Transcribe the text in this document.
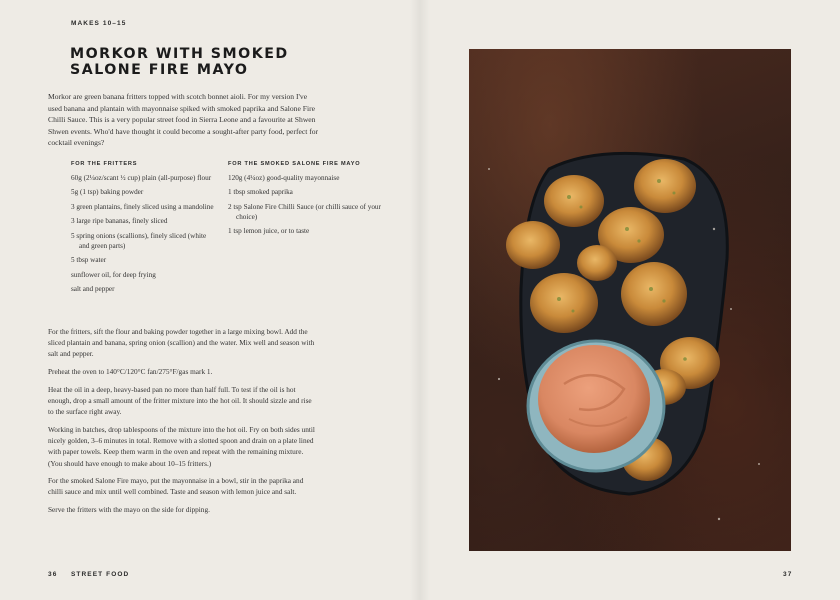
MAKES 10–15
MORKOR WITH SMOKED
SALONE FIRE MAYO

Morkor are green banana fritters topped with scotch bonnet aioli. For my version I've used banana and plantain with mayonnaise spiked with smoked paprika and Salone Fire Chilli Sauce. This is a very popular street food in Sierra Leone and a favourite at Shwen Shwen events. Who'd have thought it could become a sought-after party food, perfect for cocktail evenings?

FOR THE FRITTERS
60g (2¼oz/scant ½ cup) plain (all-purpose) flour
5g (1 tsp) baking powder
3 green plantains, finely sliced using a mandoline
3 large ripe bananas, finely sliced
5 spring onions (scallions), finely sliced (white and green parts)
5 tbsp water
sunflower oil, for deep frying
salt and pepper
FOR THE SMOKED SALONE FIRE MAYO
120g (4¼oz) good-quality mayonnaise
1 tbsp smoked paprika
2 tsp Salone Fire Chilli Sauce (or chilli sauce of your choice)
1 tsp lemon juice, or to taste

For the fritters, sift the flour and baking powder together in a large mixing bowl. Add the sliced plantain and banana, spring onion (scallion) and the water. Mix well and season with salt and pepper.

Preheat the oven to 140°C/120°C fan/275°F/gas mark 1.

Heat the oil in a deep, heavy-based pan no more than half full. To test if the oil is hot enough, drop a small amount of the fritter mixture into the hot oil. It should sizzle and rise to the surface right away.

Working in batches, drop tablespoons of the mixture into the hot oil. Fry on both sides until nicely golden, 3–6 minutes in total. Remove with a slotted spoon and drain on a plate lined with paper towels. Keep them warm in the oven and repeat with the remaining mixture. (You should have enough to make about 10–15 fritters.)

For the smoked Salone Fire mayo, put the mayonnaise in a bowl, stir in the paprika and chilli sauce and mix until well combined. Taste and season with lemon juice and salt.

Serve the fritters with the mayo on the side for dipping.

36 STREET FOOD	37
